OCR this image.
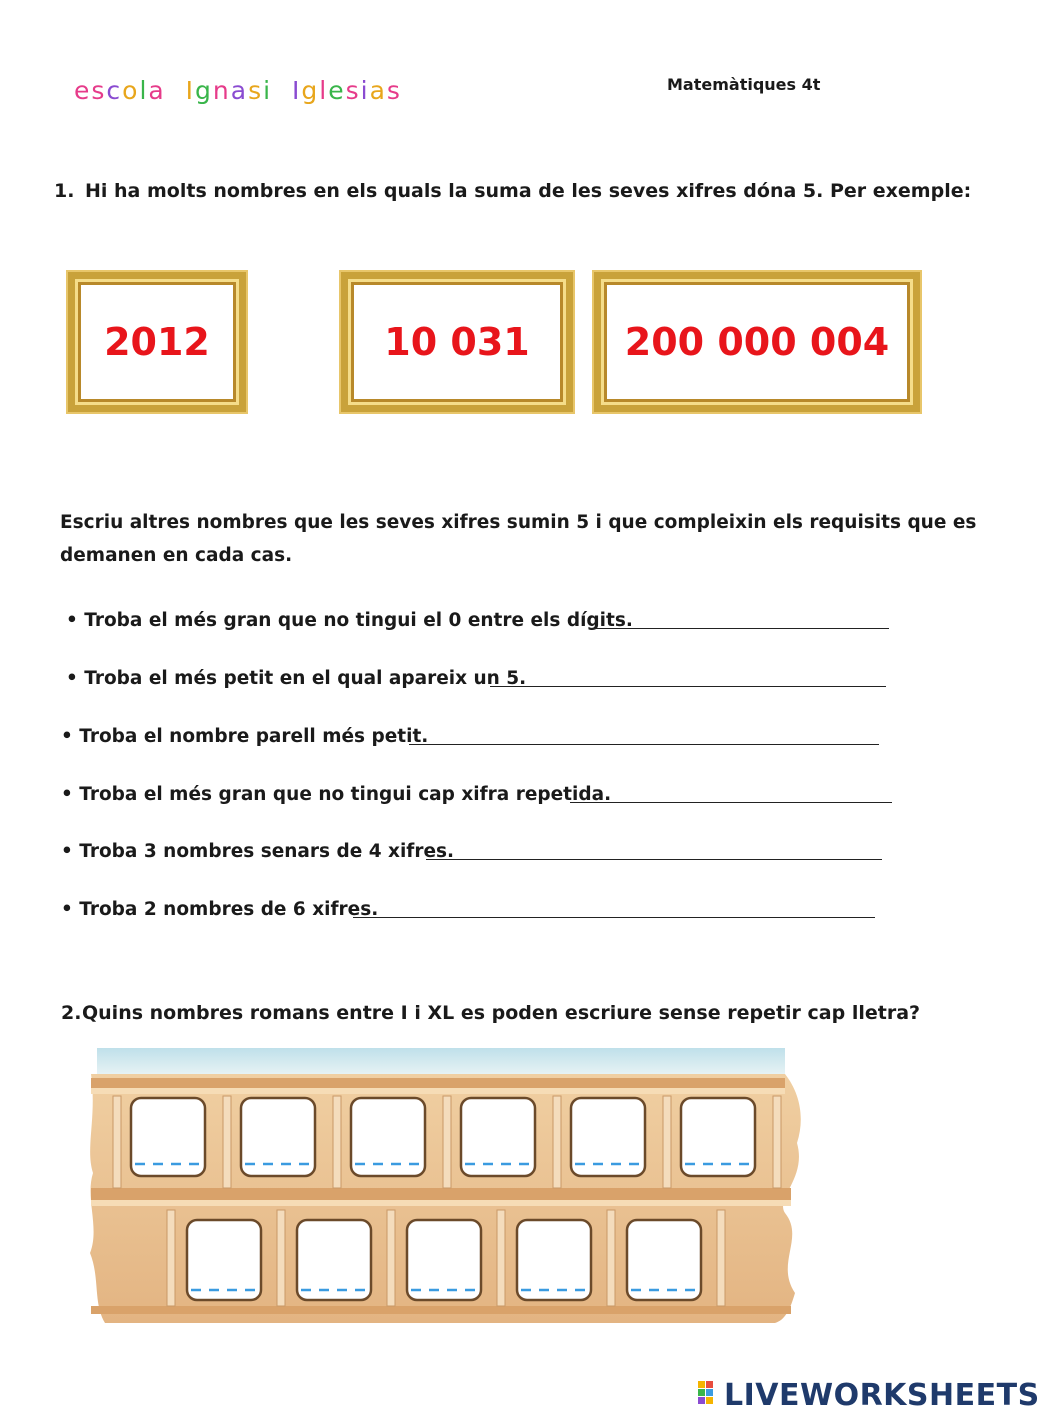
escola Ignasi Iglesias	Matemàtiques 4t
1. Hi ha molts nombres en els quals la suma de les seves xifres dóna 5. Per exemple:
2012	10 031	200 000 004
Escriu altres nombres que les seves xifres sumin 5 i que compleixin els requisits que es
demanen en cada cas.
• Troba el més gran que no tingui el 0 entre els dígits.
• Troba el més petit en el qual apareix un 5.
• Troba el nombre parell més petit.
• Troba el més gran que no tingui cap xifra repetida.
• Troba 3 nombres senars de 4 xifres.
• Troba 2 nombres de 6 xifres.
2. Quins nombres romans entre I i XL es poden escriure sense repetir cap lletra?
LIVEWORKSHEETS
